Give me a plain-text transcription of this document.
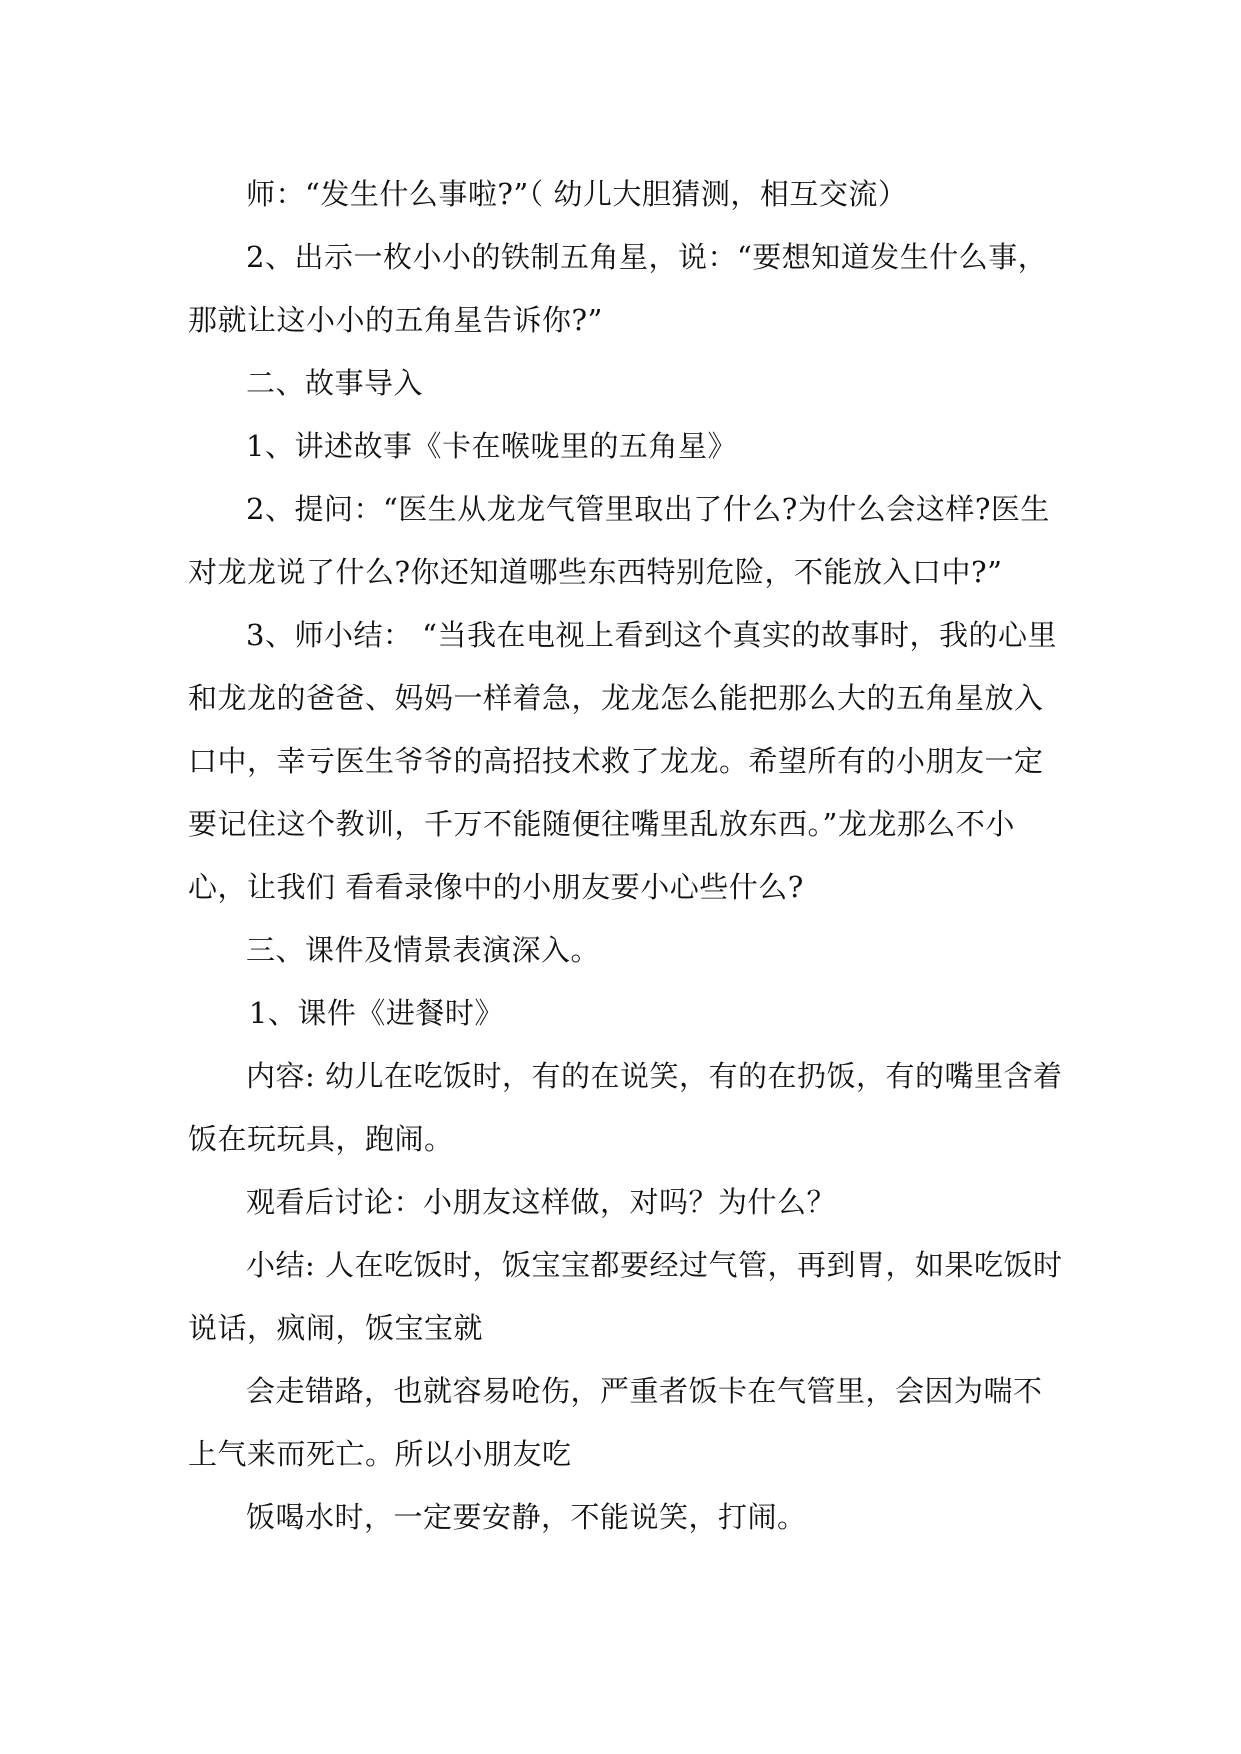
师：“发生什么事啦?”（ 幼儿大胆猜测，相互交流）

2、出示一枚小小的铁制五角星，说：“要想知道发生什么事，那就让这小小的五角星告诉你?”

二、故事导入

1、讲述故事《卡在喉咙里的五角星》

2、提问：“医生从龙龙气管里取出了什么?为什么会这样?医生对龙龙说了什么?你还知道哪些东西特别危险，不能放入口中?”

3、师小结： “当我在电视上看到这个真实的故事时，我的心里和龙龙的爸爸、妈妈一样着急，龙龙怎么能把那么大的五角星放入口中，幸亏医生爷爷的高招技术救了龙龙。希望所有的小朋友一定要记住这个教训，千万不能随便往嘴里乱放东西。”龙龙那么不小心，让我们 看看录像中的小朋友要小心些什么?

三、课件及情景表演深入。

1、课件《进餐时》

内容: 幼儿在吃饭时，有的在说笑，有的在扔饭，有的嘴里含着饭在玩玩具，跑闹。

观看后讨论：小朋友这样做，对吗？为什么？

小结: 人在吃饭时，饭宝宝都要经过气管，再到胃，如果吃饭时说话，疯闹，饭宝宝就

会走错路，也就容易呛伤，严重者饭卡在气管里，会因为喘不上气来而死亡。所以小朋友吃

饭喝水时，一定要安静，不能说笑，打闹。
